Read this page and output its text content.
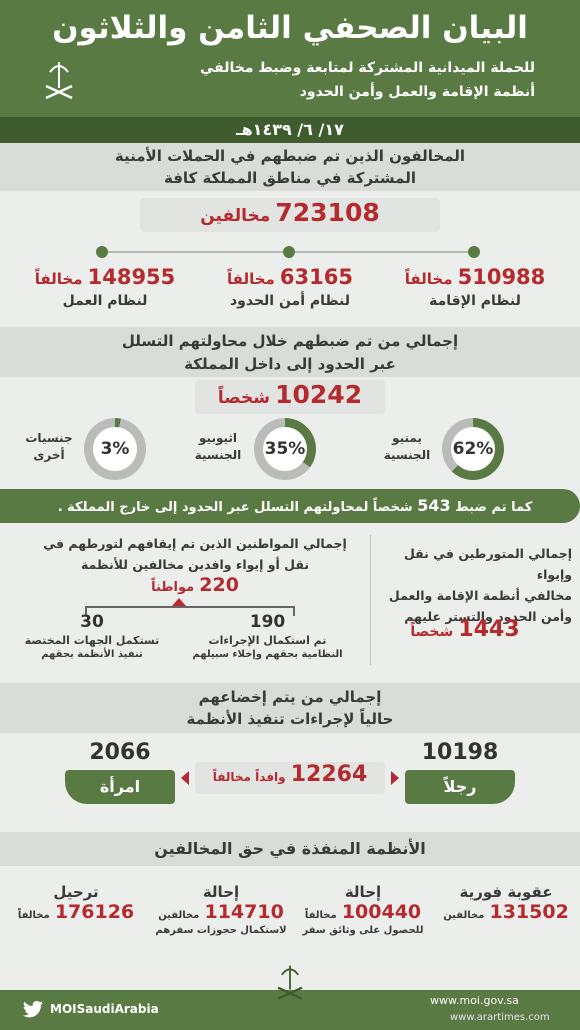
البيان الصحفي الثامن والثلاثون
للحملة الميدانية المشتركة لمتابعة وضبط مخالفي
أنظمة الإقامة والعمل وأمن الحدود
١٧/ ٦/ ١٤٣٩هـ
المخالفون الذين تم ضبطهم في الحملات الأمنية
المشتركة في مناطق المملكة كافة
723108 مخالفين
510988 مخالفاً
لنظام الإقامة
63165 مخالفاً
لنظام أمن الحدود
148955 مخالفاً
لنظام العمل
إجمالي من تم ضبطهم خلال محاولتهم التسلل
عبر الحدود إلى داخل المملكة
10242 شخصاً
62%
يمنيو
الجنسية
35%
اثيوبيو
الجنسية
3%
جنسيات
أخرى
كما تم ضبط 543 شخصاً لمحاولتهم التسلل عبر الحدود إلى خارج المملكة .
إجمالي المتورطين في نقل وإيواء
مخالفي أنظمة الإقامة والعمل
وأمن الحدود والتستر عليهم
1443 شخصاً
إجمالي المواطنين الذين تم إيقافهم لتورطهم في
نقل أو إيواء وافدين مخالفين للأنظمة
220 مواطناً
190
تم استكمال الإجراءات
النظامية بحقهم وإخلاء سبيلهم
30
تستكمل الجهات المختصة
تنفيذ الأنظمة بحقهم
إجمالي من يتم إخضاعهم
حالياً لإجراءات تنفيذ الأنظمة
10198
رجلاً
2066
امرأة	12264 وافداً مخالفاً
الأنظمة المنفذة في حق المخالفين
عقوبة فورية
131502 مخالفين
إحالة
100440 مخالفاً
للحصول على وثائق سفر
إحالة
114710 مخالفين
لاستكمال حجوزات سفرهم
ترحيل
176126 مخالفاً
MOISaudiArabia
www.moi.gov.sa
www.arartimes.com
